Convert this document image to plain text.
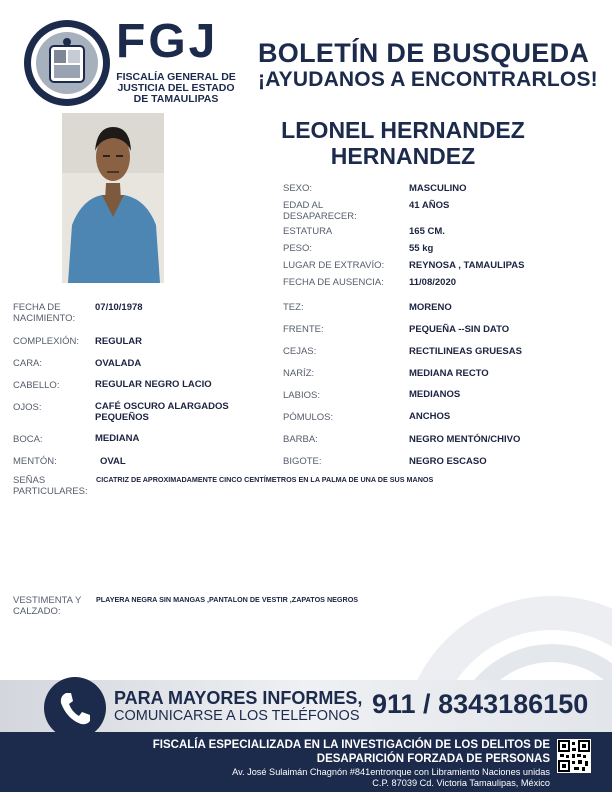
FGJ
FISCALÍA GENERAL DE
JUSTICIA DEL ESTADO
DE TAMAULIPAS
BOLETÍN DE BUSQUEDA
¡AYUDANOS A ENCONTRARLOS!
LEONEL HERNANDEZ
HERNANDEZ
SEXO:	MASCULINO
EDAD AL DESAPARECER:
41 AÑOS
ESTATURA	165 CM.
PESO:	55 kg
LUGAR DE EXTRAVÍO:	REYNOSA , TAMAULIPAS
FECHA DE AUSENCIA:	11/08/2020
FECHA DE NACIMIENTO:
07/10/1978
COMPLEXIÓN: REGULAR
CARA:	OVALADA
CABELLO:	REGULAR NEGRO LACIO
OJOS:	CAFÉ OSCURO ALARGADOS PEQUEÑOS
BOCA:	MEDIANA
MENTÓN:	OVAL
TEZ:	MORENO
FRENTE:	PEQUEÑA --SIN DATO
CEJAS:	RECTILINEAS GRUESAS
NARÍZ:	MEDIANA RECTO
LABIOS:	MEDIANOS
PÓMULOS:	ANCHOS
BARBA:	NEGRO MENTÓN/CHIVO
BIGOTE:	NEGRO ESCASO
SEÑAS PARTICULARES:
CICATRIZ DE APROXIMADAMENTE CINCO CENTÍMETROS EN LA PALMA DE UNA DE SUS MANOS
VESTIMENTA Y CALZADO:
PLAYERA NEGRA SIN MANGAS ,PANTALON DE VESTIR ,ZAPATOS NEGROS
PARA MAYORES INFORMES,
COMUNICARSE A LOS TELÉFONOS 911 / 8343186150
FISCALÍA ESPECIALIZADA EN LA INVESTIGACIÓN DE LOS DELITOS DE
DESAPARICIÓN FORZADA DE PERSONAS
Av. José Sulaimán Chagnón #841entronque con Libramiento Naciones unidas
C.P. 87039 Cd. Victoria Tamaulipas, México
